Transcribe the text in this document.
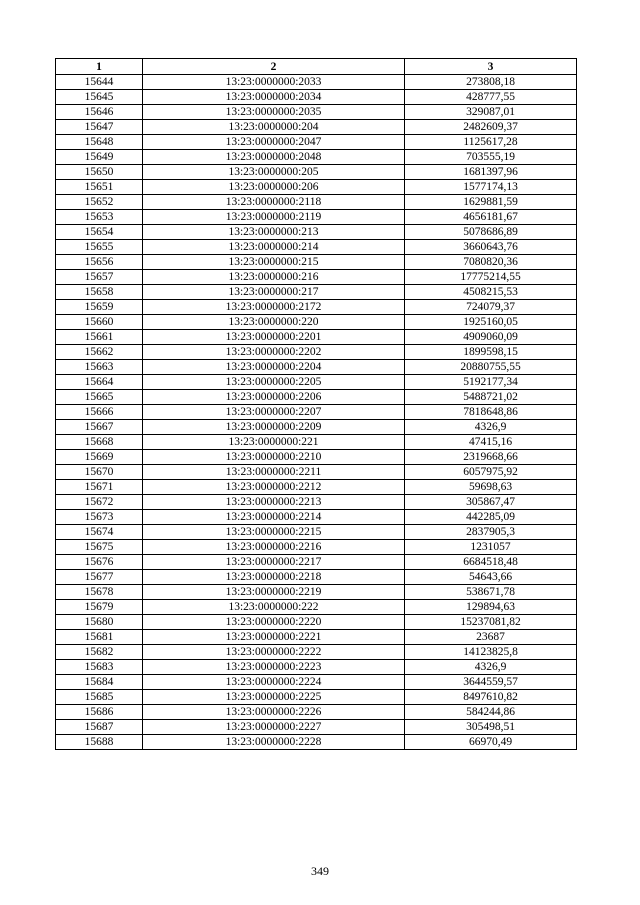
1	2	3
15644	13:23:0000000:2033	273808,18
15645	13:23:0000000:2034	428777,55
15646	13:23:0000000:2035	329087,01
15647	13:23:0000000:204	2482609,37
15648	13:23:0000000:2047	1125617,28
15649	13:23:0000000:2048	703555,19
15650	13:23:0000000:205	1681397,96
15651	13:23:0000000:206	1577174,13
15652	13:23:0000000:2118	1629881,59
15653	13:23:0000000:2119	4656181,67
15654	13:23:0000000:213	5078686,89
15655	13:23:0000000:214	3660643,76
15656	13:23:0000000:215	7080820,36
15657	13:23:0000000:216	17775214,55
15658	13:23:0000000:217	4508215,53
15659	13:23:0000000:2172	724079,37
15660	13:23:0000000:220	1925160,05
15661	13:23:0000000:2201	4909060,09
15662	13:23:0000000:2202	1899598,15
15663	13:23:0000000:2204	20880755,55
15664	13:23:0000000:2205	5192177,34
15665	13:23:0000000:2206	5488721,02
15666	13:23:0000000:2207	7818648,86
15667	13:23:0000000:2209	4326,9
15668	13:23:0000000:221	47415,16
15669	13:23:0000000:2210	2319668,66
15670	13:23:0000000:2211	6057975,92
15671	13:23:0000000:2212	59698,63
15672	13:23:0000000:2213	305867,47
15673	13:23:0000000:2214	442285,09
15674	13:23:0000000:2215	2837905,3
15675	13:23:0000000:2216	1231057
15676	13:23:0000000:2217	6684518,48
15677	13:23:0000000:2218	54643,66
15678	13:23:0000000:2219	538671,78
15679	13:23:0000000:222	129894,63
15680	13:23:0000000:2220	15237081,82
15681	13:23:0000000:2221	23687
15682	13:23:0000000:2222	14123825,8
15683	13:23:0000000:2223	4326,9
15684	13:23:0000000:2224	3644559,57
15685	13:23:0000000:2225	8497610,82
15686	13:23:0000000:2226	584244,86
15687	13:23:0000000:2227	305498,51
15688	13:23:0000000:2228	66970,49
349
